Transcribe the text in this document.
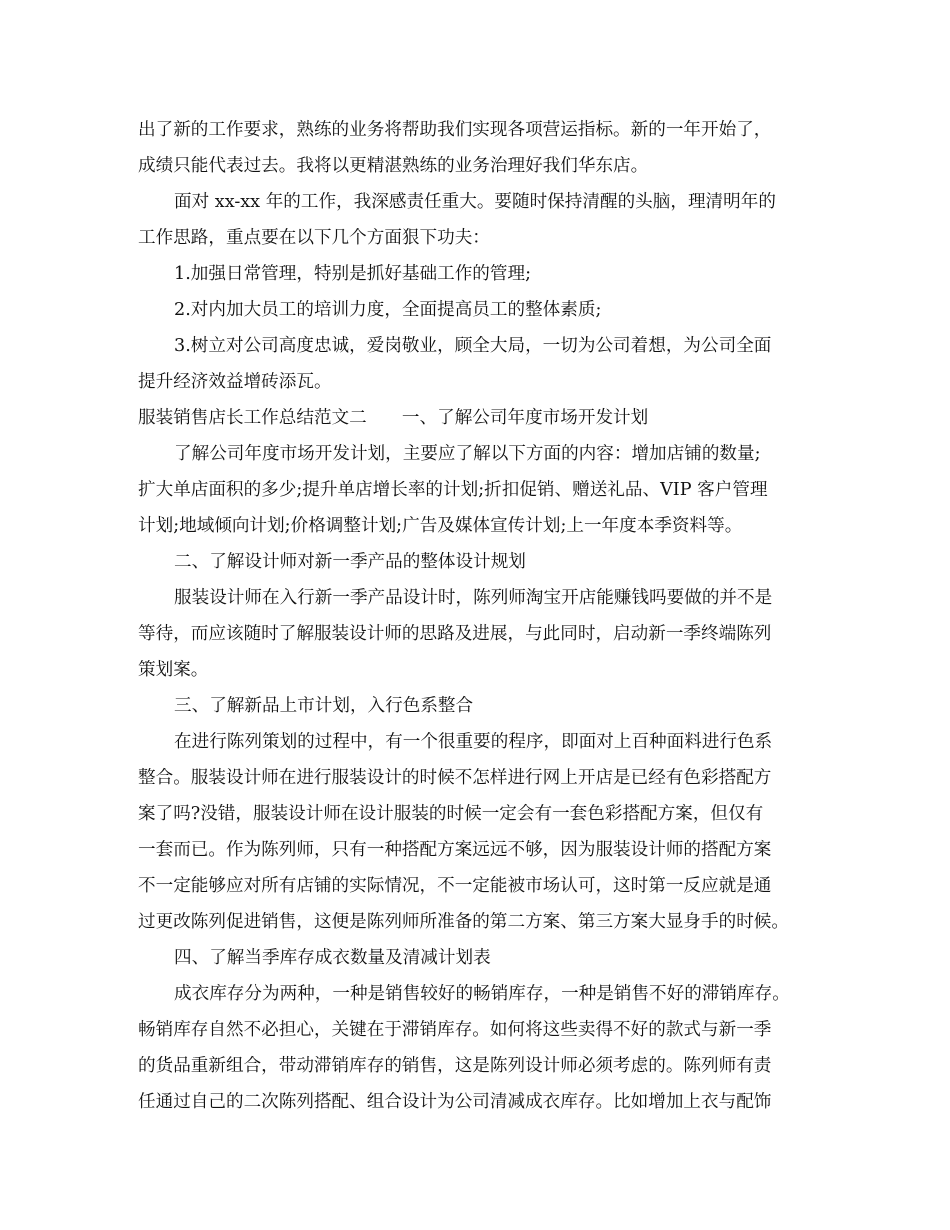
出了新的工作要求，熟练的业务将帮助我们实现各项营运指标。新的一年开始了，
成绩只能代表过去。我将以更精湛熟练的业务治理好我们华东店。
面对 xx-xx 年的工作，我深感责任重大。要随时保持清醒的头脑，理清明年的
工作思路，重点要在以下几个方面狠下功夫：
1.加强日常管理，特别是抓好基础工作的管理;
2.对内加大员工的培训力度，全面提高员工的整体素质;
3.树立对公司高度忠诚，爱岗敬业，顾全大局，一切为公司着想，为公司全面
提升经济效益增砖添瓦。
服装销售店长工作总结范文二　　一、了解公司年度市场开发计划
了解公司年度市场开发计划，主要应了解以下方面的内容：增加店铺的数量;
扩大单店面积的多少;提升单店增长率的计划;折扣促销、赠送礼品、VIP 客户管理
计划;地域倾向计划;价格调整计划;广告及媒体宣传计划;上一年度本季资料等。
二、了解设计师对新一季产品的整体设计规划
服装设计师在入行新一季产品设计时，陈列师淘宝开店能赚钱吗要做的并不是
等待，而应该随时了解服装设计师的思路及进展，与此同时，启动新一季终端陈列
策划案。
三、了解新品上市计划，入行色系整合
在进行陈列策划的过程中，有一个很重要的程序，即面对上百种面料进行色系
整合。服装设计师在进行服装设计的时候不怎样进行网上开店是已经有色彩搭配方
案了吗?没错，服装设计师在设计服装的时候一定会有一套色彩搭配方案，但仅有
一套而已。作为陈列师，只有一种搭配方案远远不够，因为服装设计师的搭配方案
不一定能够应对所有店铺的实际情况，不一定能被市场认可，这时第一反应就是通
过更改陈列促进销售，这便是陈列师所准备的第二方案、第三方案大显身手的时候。
四、了解当季库存成衣数量及清减计划表
成衣库存分为两种，一种是销售较好的畅销库存，一种是销售不好的滞销库存。
畅销库存自然不必担心，关键在于滞销库存。如何将这些卖得不好的款式与新一季
的货品重新组合，带动滞销库存的销售，这是陈列设计师必须考虑的。陈列师有责
任通过自己的二次陈列搭配、组合设计为公司清减成衣库存。比如增加上衣与配饰
